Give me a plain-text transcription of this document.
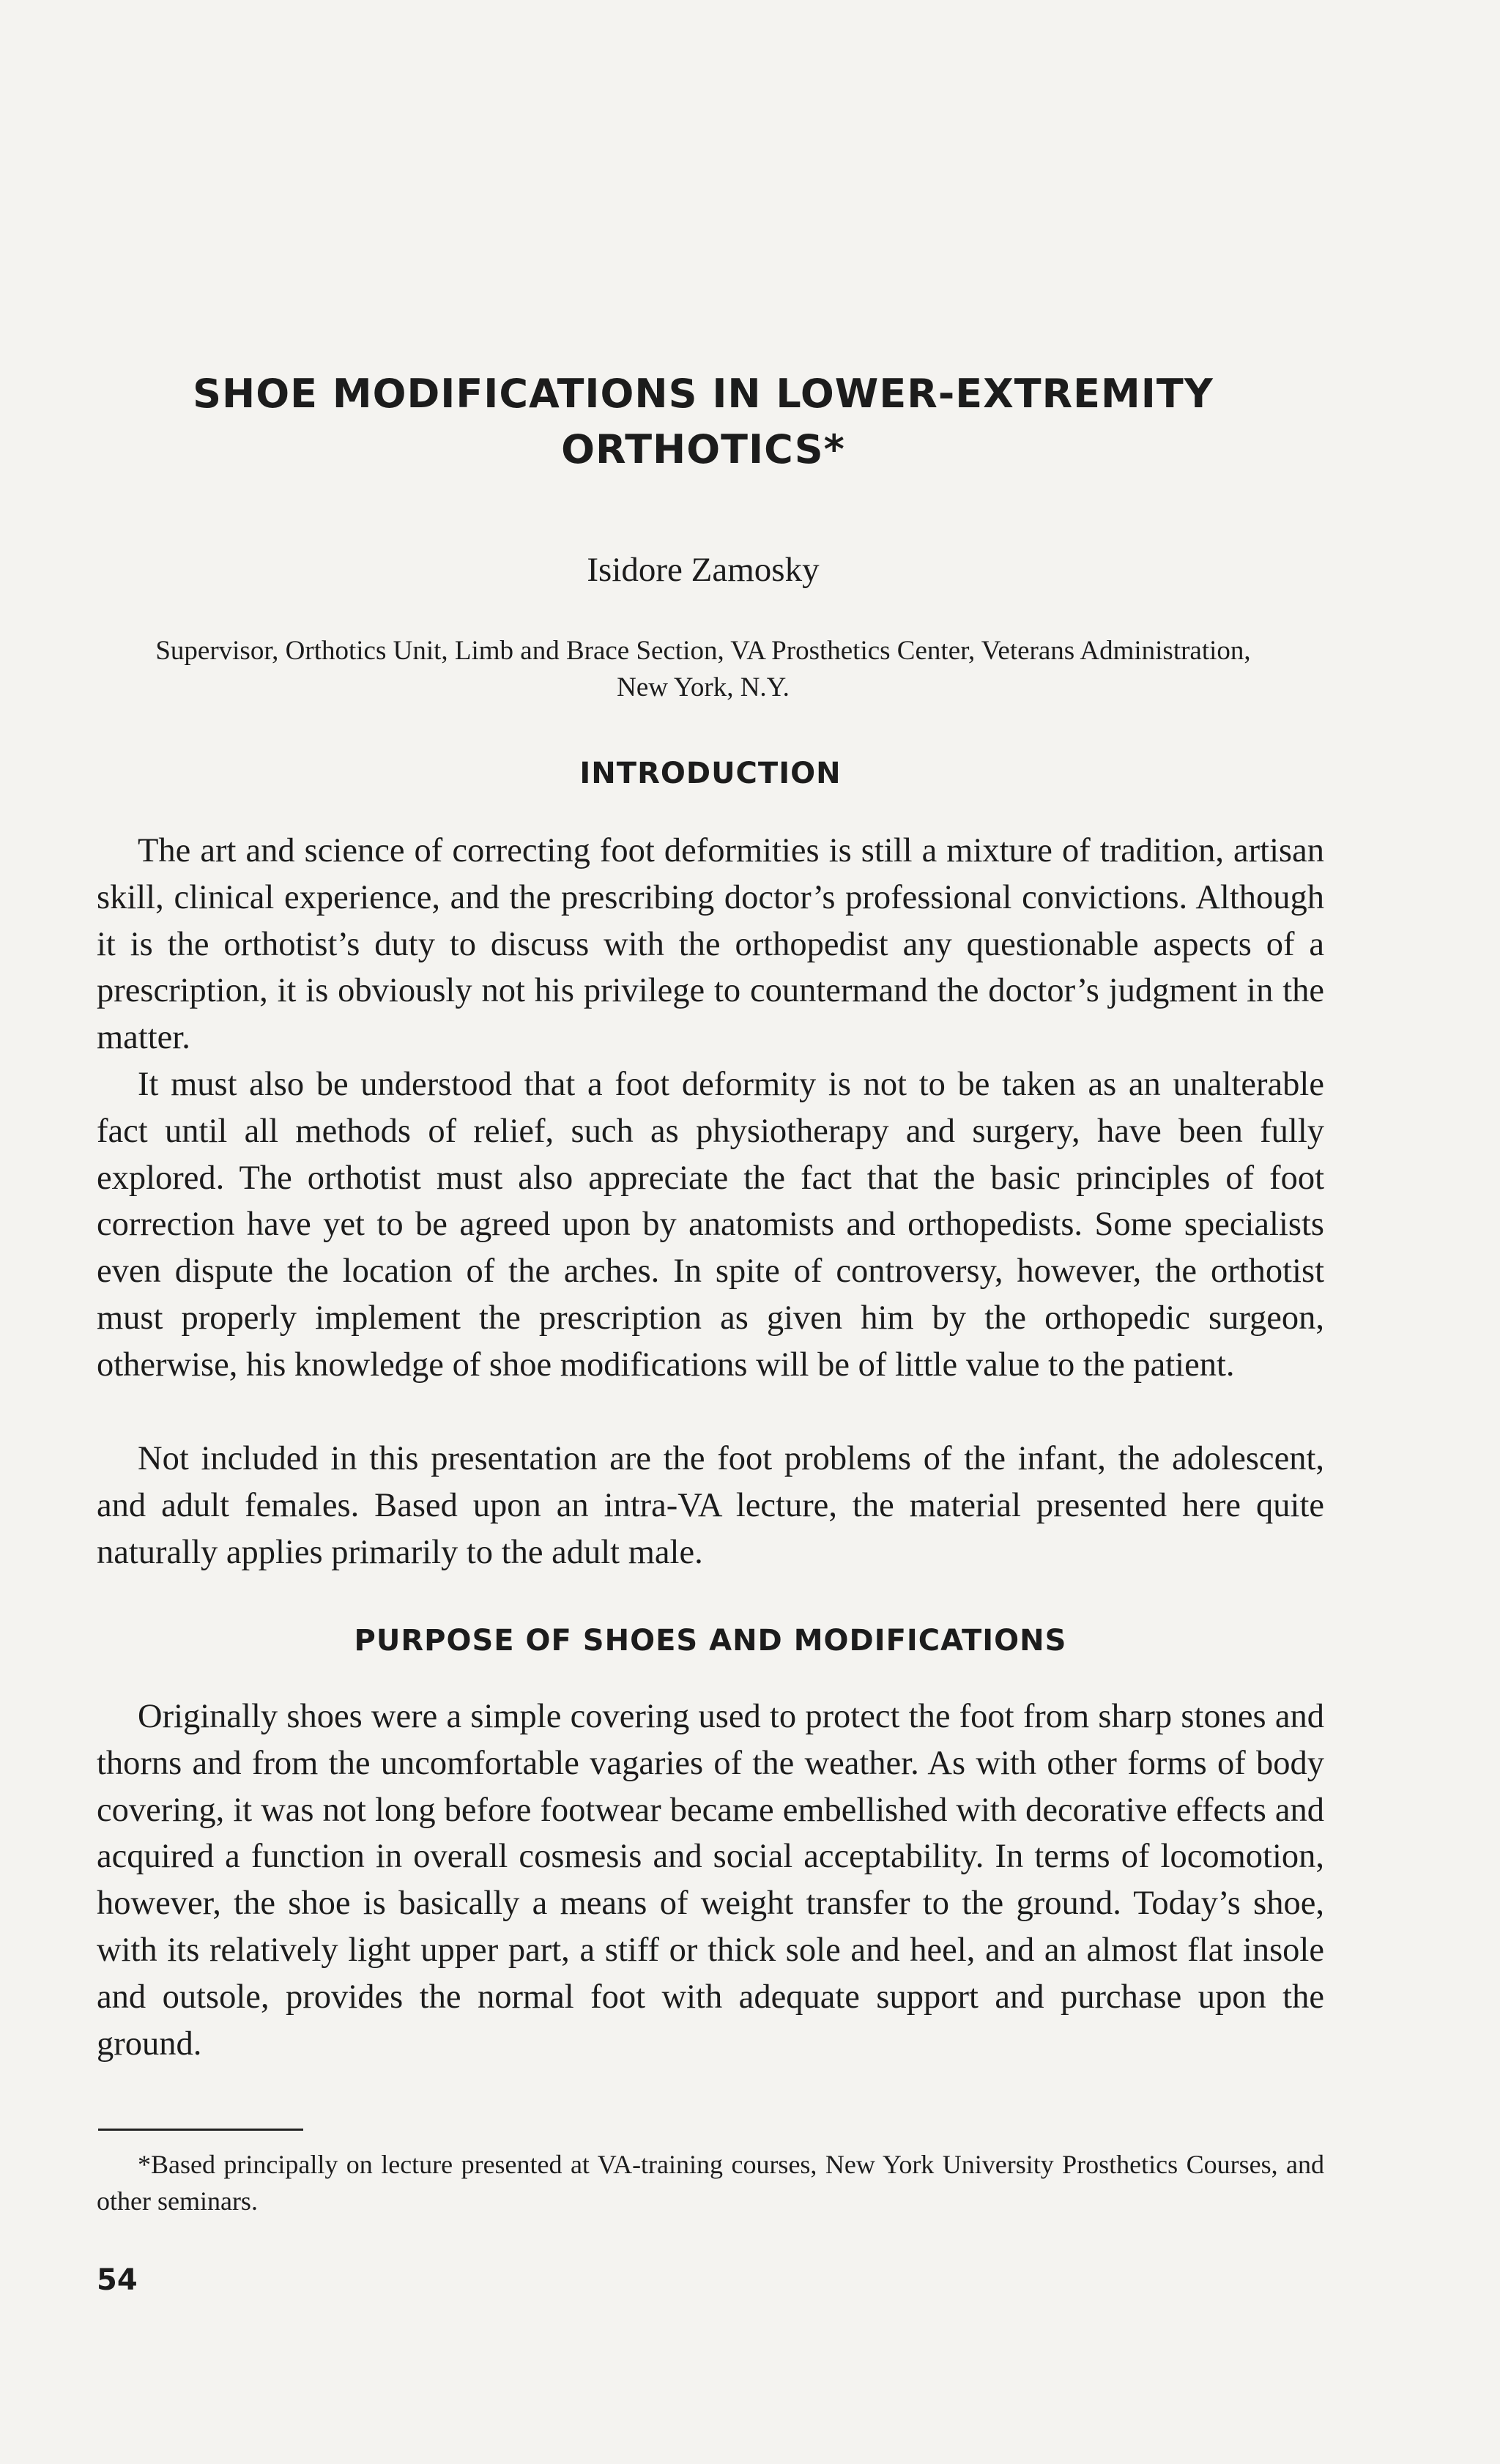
SHOE MODIFICATIONS IN LOWER-EXTREMITY ORTHOTICS*
Isidore Zamosky
Supervisor, Orthotics Unit, Limb and Brace Section, VA Prosthetics Center, Veterans Administration, New York, N.Y.
INTRODUCTION

The art and science of correcting foot deformities is still a mixture of tradition, artisan skill, clinical experience, and the prescribing doctor’s professional convictions. Although it is the orthotist’s duty to discuss with the orthopedist any questionable aspects of a prescription, it is obviously not his privilege to countermand the doctor’s judgment in the matter.

It must also be understood that a foot deformity is not to be taken as an unalterable fact until all methods of relief, such as physiotherapy and surgery, have been fully explored. The orthotist must also appreciate the fact that the basic principles of foot correction have yet to be agreed upon by anatomists and orthopedists. Some specialists even dispute the location of the arches. In spite of controversy, however, the orthotist must properly implement the prescription as given him by the orthopedic surgeon, otherwise, his knowledge of shoe modifications will be of little value to the patient.

Not included in this presentation are the foot problems of the infant, the adolescent, and adult females. Based upon an intra-VA lecture, the material presented here quite naturally applies primarily to the adult male.

PURPOSE OF SHOES AND MODIFICATIONS

Originally shoes were a simple covering used to protect the foot from sharp stones and thorns and from the uncomfortable vagaries of the weather. As with other forms of body covering, it was not long before footwear became embellished with decorative effects and acquired a function in overall cosmesis and social acceptability. In terms of locomotion, however, the shoe is basically a means of weight transfer to the ground. Today’s shoe, with its relatively light upper part, a stiff or thick sole and heel, and an almost flat insole and outsole, provides the normal foot with adequate support and purchase upon the ground.

*Based principally on lecture presented at VA-training courses, New York University Prosthetics Courses, and other seminars.

54
